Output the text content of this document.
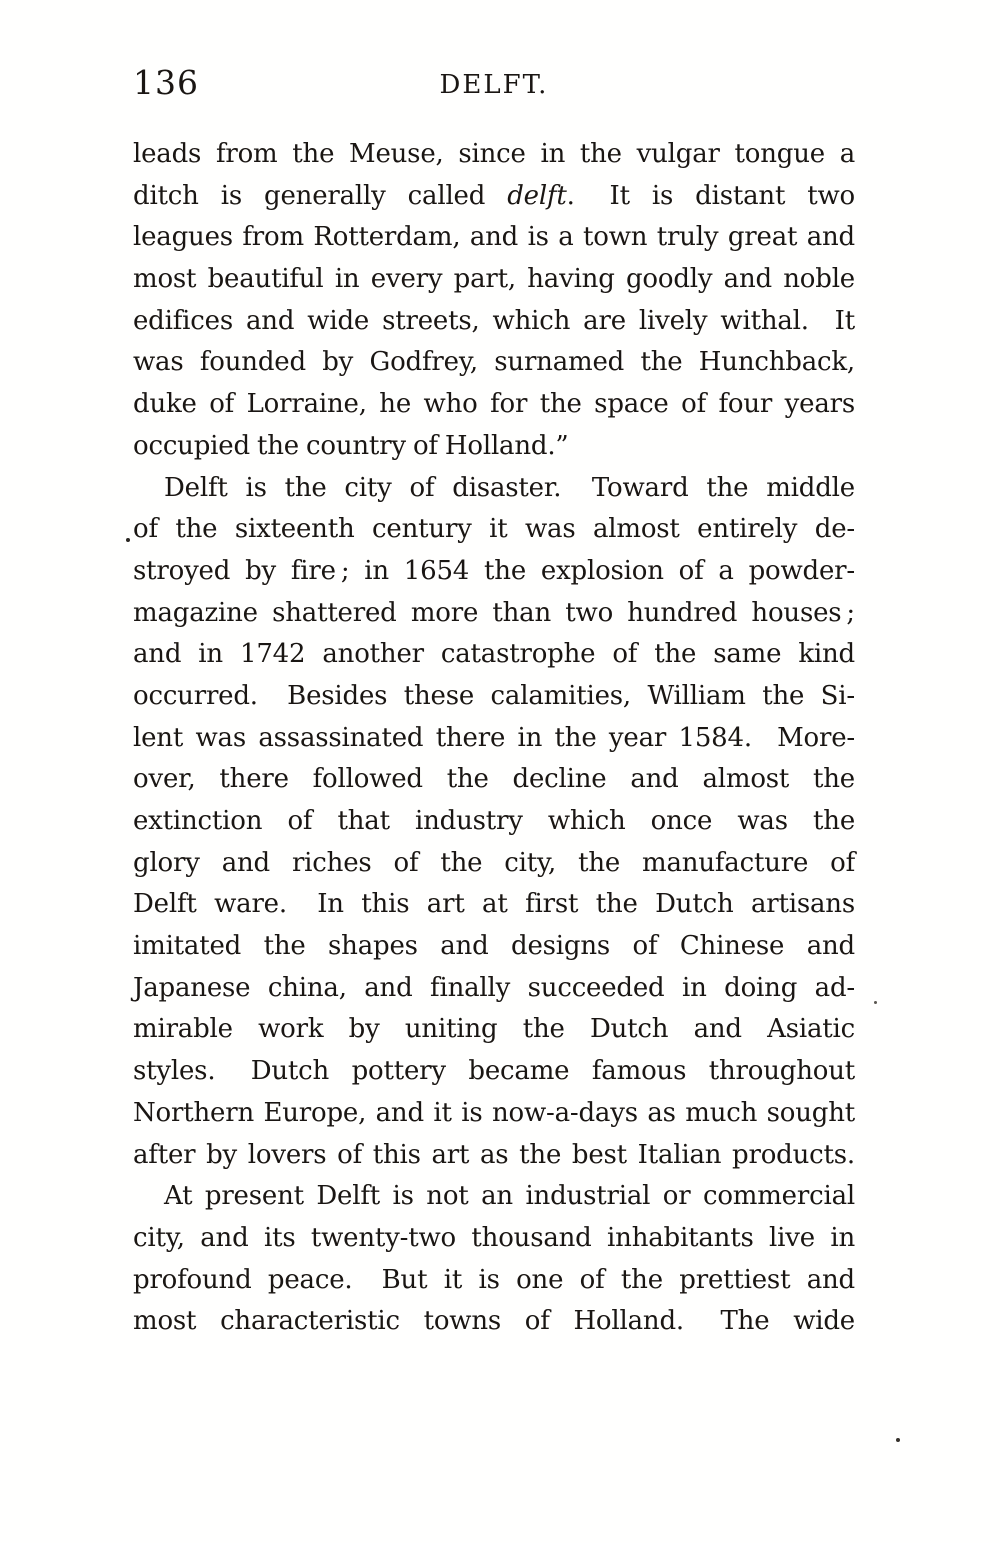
136	DELFT.
leads from the Meuse, since in the vulgar tongue a
ditch is generally called delft.  It is distant two
leagues from Rotterdam, and is a town truly great and
most beautiful in every part, having goodly and noble
edifices and wide streets, which are lively withal.  It
was founded by Godfrey, surnamed the Hunchback,
duke of Lorraine, he who for the space of four years
occupied the country of Holland.”
Delft is the city of disaster.  Toward the middle
of the sixteenth century it was almost entirely de-
stroyed by fire ; in 1654 the explosion of a powder-
magazine shattered more than two hundred houses ;
and in 1742 another catastrophe of the same kind
occurred.  Besides these calamities, William the Si-
lent was assassinated there in the year 1584.  More-
over, there followed the decline and almost the
extinction of that industry which once was the
glory and riches of the city, the manufacture of
Delft ware.  In this art at first the Dutch artisans
imitated the shapes and designs of Chinese and
Japanese china, and finally succeeded in doing ad-
mirable work by uniting the Dutch and Asiatic
styles.  Dutch pottery became famous throughout
Northern Europe, and it is now-a-days as much sought
after by lovers of this art as the best Italian products.
At present Delft is not an industrial or commercial
city, and its twenty-two thousand inhabitants live in
profound peace.  But it is one of the prettiest and
most characteristic towns of Holland.  The wide
